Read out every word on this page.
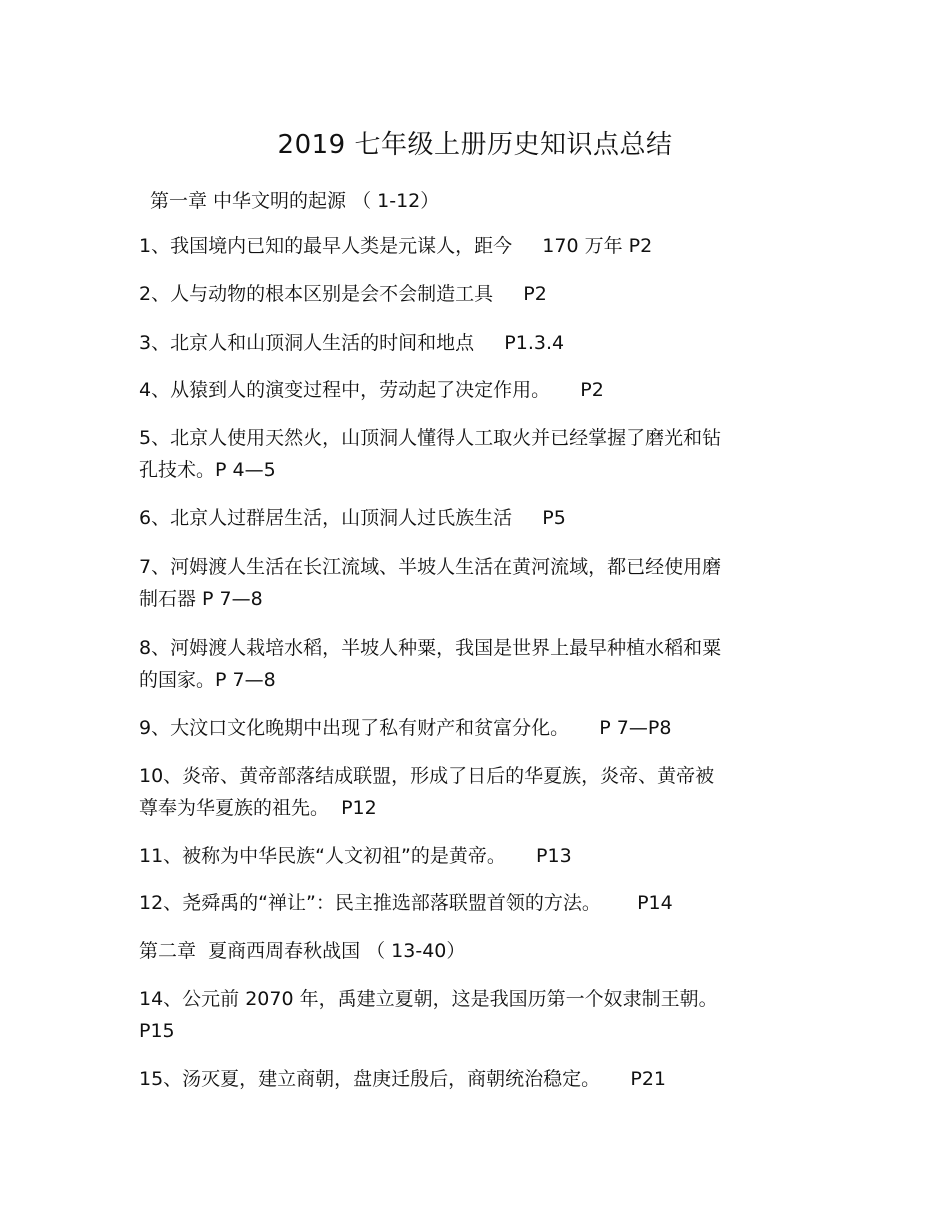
2019 七年级上册历史知识点总结
第一章 中华文明的起源 （ 1-12）
1、我国境内已知的最早人类是元谋人，距今     170 万年 P2
2、人与动物的根本区别是会不会制造工具     P2
3、北京人和山顶洞人生活的时间和地点     P1.3.4
4、从猿到人的演变过程中，劳动起了决定作用。     P2
5、北京人使用天然火，山顶洞人懂得人工取火并已经掌握了磨光和钻
孔技术。P 4—5
6、北京人过群居生活，山顶洞人过氏族生活     P5
7、河姆渡人生活在长江流域、半坡人生活在黄河流域，都已经使用磨
制石器 P 7—8
8、河姆渡人栽培水稻，半坡人种粟，我国是世界上最早种植水稻和粟
的国家。P 7—8
9、大汶口文化晚期中出现了私有财产和贫富分化。     P 7—P8
10、炎帝、黄帝部落结成联盟，形成了日后的华夏族，炎帝、黄帝被
尊奉为华夏族的祖先。  P12
11、被称为中华民族“人文初祖”的是黄帝。     P13
12、尧舜禹的“禅让”：民主推选部落联盟首领的方法。      P14
第二章  夏商西周春秋战国 （ 13-40）
14、公元前 2070 年，禹建立夏朝，这是我国历第一个奴隶制王朝。
P15
15、汤灭夏，建立商朝，盘庚迁殷后，商朝统治稳定。     P21
